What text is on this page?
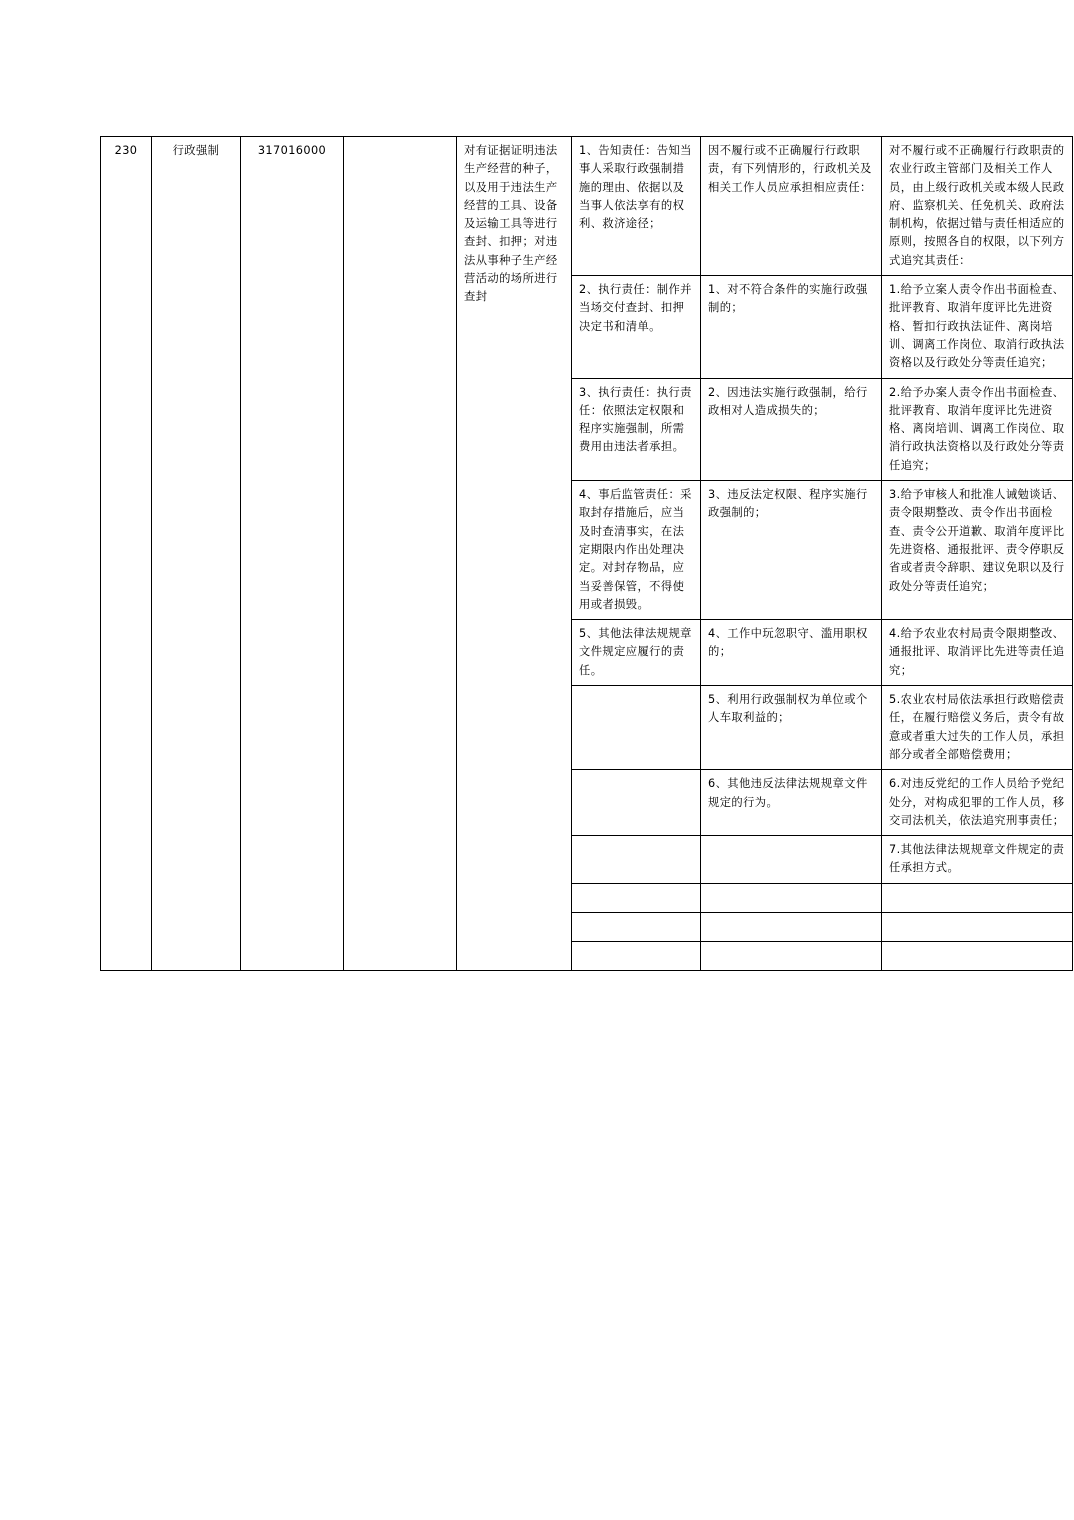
230	行政强制	317016000		对有证据证明违法生产经营的种子，以及用于违法生产经营的工具、设备及运输工具等进行查封、扣押；对违法从事种子生产经营活动的场所进行查封	1、告知责任：告知当事人采取行政强制措施的理由、依据以及当事人依法享有的权利、救济途径；	因不履行或不正确履行行政职责，有下列情形的，行政机关及相关工作人员应承担相应责任：	对不履行或不正确履行行政职责的农业行政主管部门及相关工作人员，由上级行政机关或本级人民政府、监察机关、任免机关、政府法制机构，依据过错与责任相适应的原则，按照各自的权限，以下列方式追究其责任：
					2、执行责任：制作并当场交付查封、扣押决定书和清单。	1、对不符合条件的实施行政强制的；	1.给予立案人责令作出书面检查、批评教育、取消年度评比先进资格、暂扣行政执法证件、离岗培训、调离工作岗位、取消行政执法资格以及行政处分等责任追究；
					3、执行责任：执行责任：依照法定权限和程序实施强制，所需费用由违法者承担。	2、因违法实施行政强制，给行政相对人造成损失的；	2.给予办案人责令作出书面检查、批评教育、取消年度评比先进资格、离岗培训、调离工作岗位、取消行政执法资格以及行政处分等责任追究；
					4、事后监管责任：采取封存措施后，应当及时查清事实，在法定期限内作出处理决定。对封存物品，应当妥善保管，不得使用或者损毁。	3、违反法定权限、程序实施行政强制的；	3.给予审核人和批准人诫勉谈话、责令限期整改、责令作出书面检查、责令公开道歉、取消年度评比先进资格、通报批评、责令停职反省或者责令辞职、建议免职以及行政处分等责任追究；
					5、其他法律法规规章文件规定应履行的责任。	4、工作中玩忽职守、滥用职权的；	4.给予农业农村局责令限期整改、通报批评、取消评比先进等责任追究；
						5、利用行政强制权为单位或个人车取利益的；	5.农业农村局依法承担行政赔偿责任，在履行赔偿义务后，责令有故意或者重大过失的工作人员，承担部分或者全部赔偿费用；
						6、其他违反法律法规规章文件规定的行为。	6.对违反党纪的工作人员给予党纪处分，对构成犯罪的工作人员，移交司法机关，依法追究刑事责任；
							7.其他法律法规规章文件规定的责任承担方式。
